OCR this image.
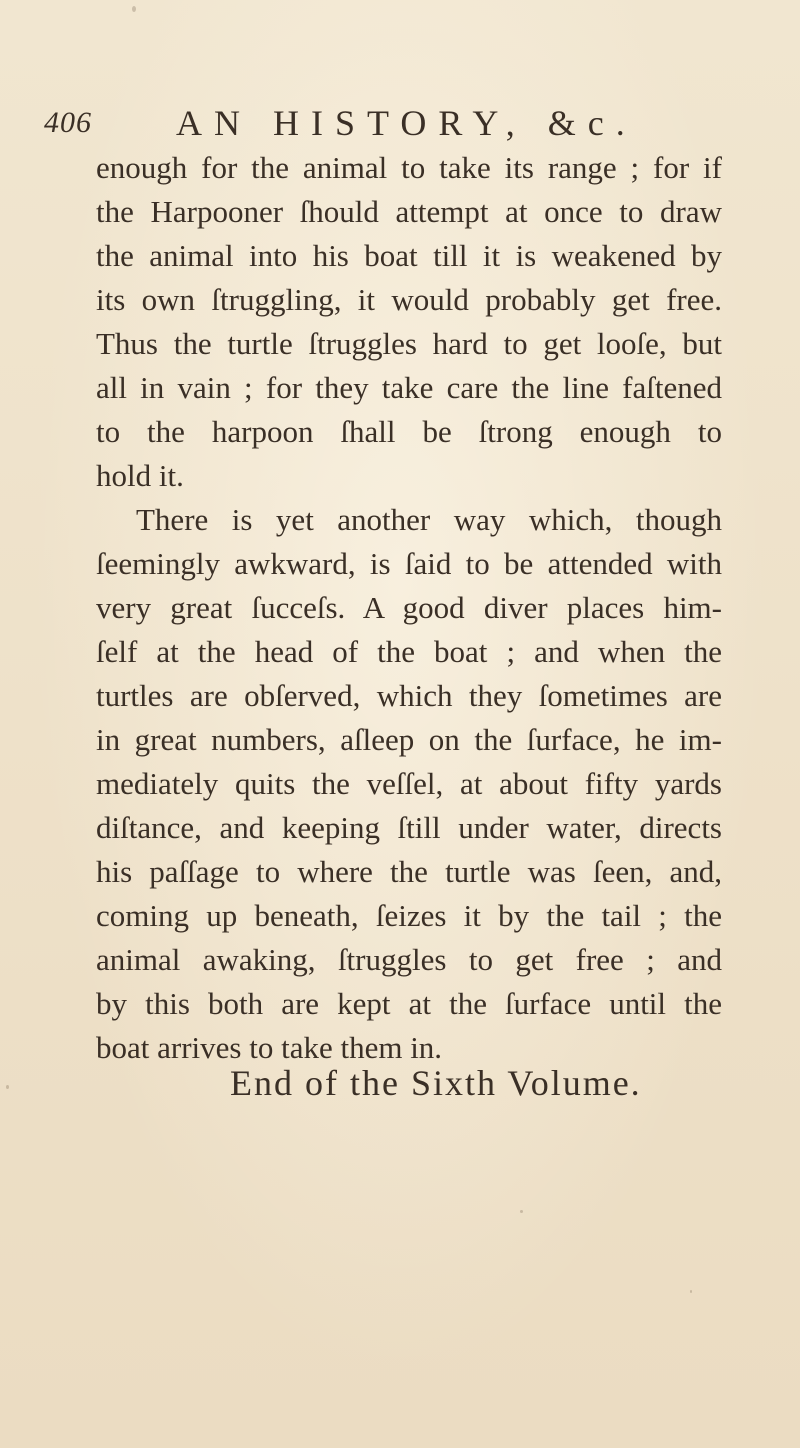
406 AN HISTORY, &c.
enough for the animal to take its range ; for if
the Harpooner ſhould attempt at once to draw
the animal into his boat till it is weakened by
its own ſtruggling, it would probably get free.
Thus the turtle ſtruggles hard to get looſe, but
all in vain ; for they take care the line faſtened
to the harpoon ſhall be ſtrong enough to
hold it.
There is yet another way which, though
ſeemingly awkward, is ſaid to be attended with
very great ſucceſs. A good diver places him-
ſelf at the head of the boat ; and when the
turtles are obſerved, which they ſometimes are
in great numbers, aſleep on the ſurface, he im-
mediately quits the veſſel, at about fifty yards
diſtance, and keeping ſtill under water, directs
his paſſage to where the turtle was ſeen, and,
coming up beneath, ſeizes it by the tail ; the
animal awaking, ſtruggles to get free ; and
by this both are kept at the ſurface until the
boat arrives to take them in.
End of the Sixth Volume.
